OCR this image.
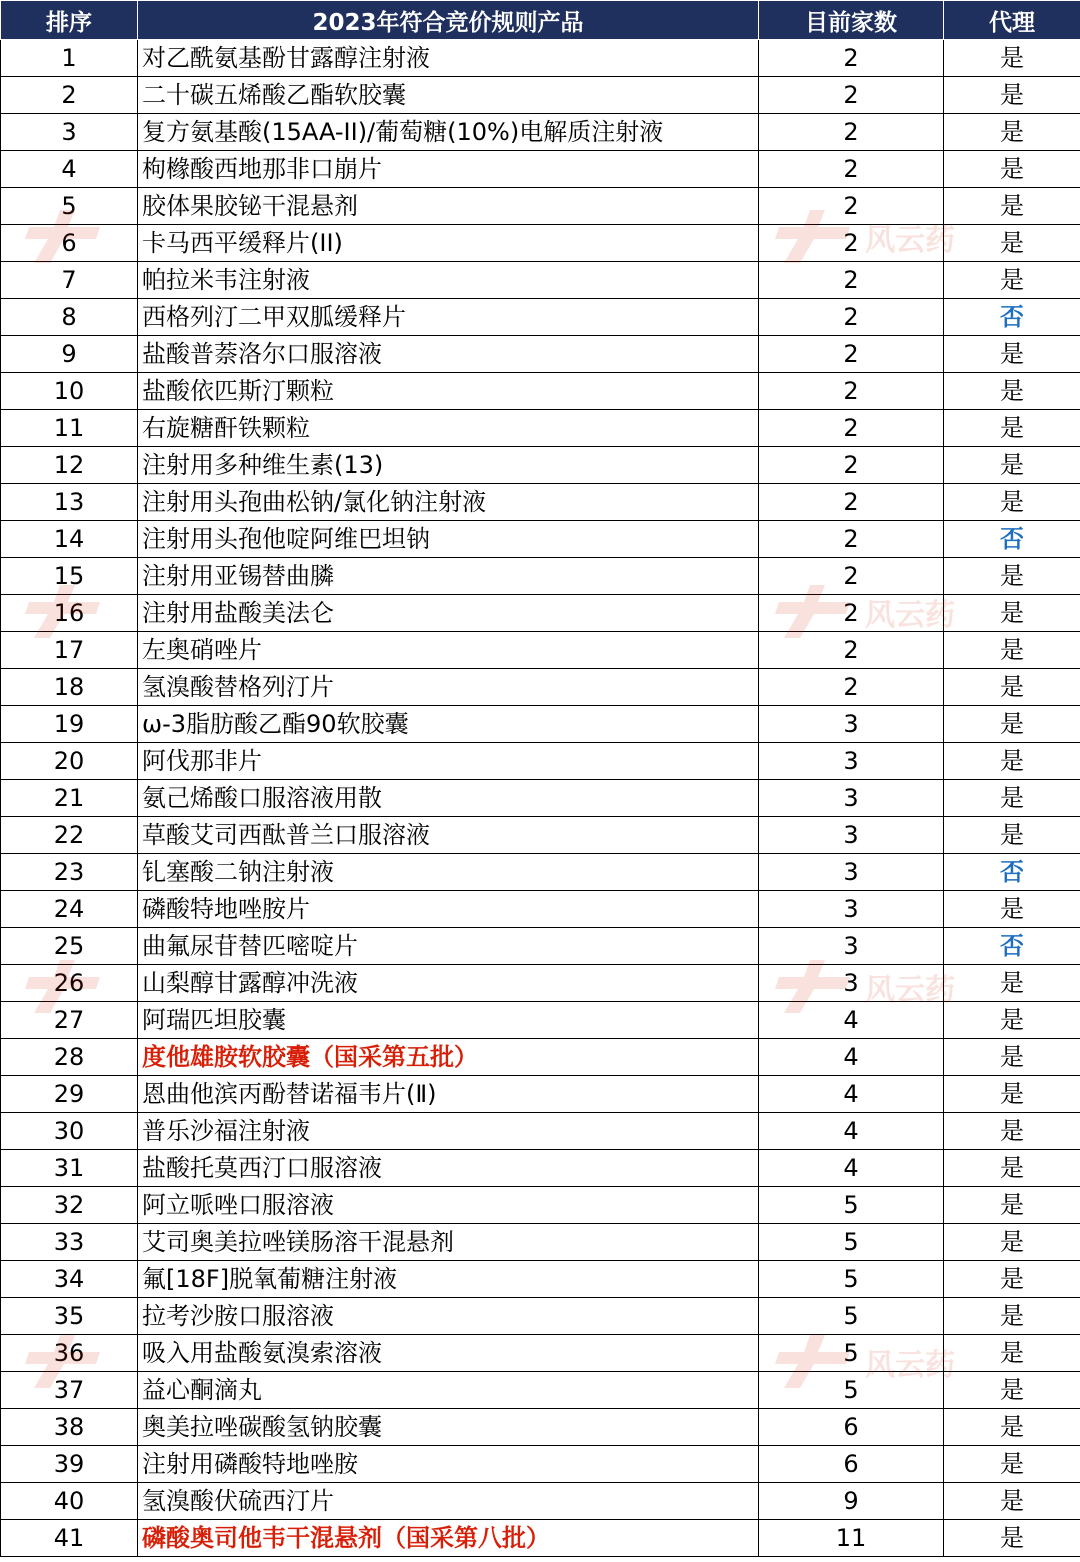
排序	2023年符合竞价规则产品	目前家数	代理
1	对乙酰氨基酚甘露醇注射液	2	是
2	二十碳五烯酸乙酯软胶囊	2	是
3	复方氨基酸(15AA-II)/葡萄糖(10%)电解质注射液	2	是
4	枸橼酸西地那非口崩片	2	是
5	胶体果胶铋干混悬剂	2	是
6	卡马西平缓释片(II)	2	是
7	帕拉米韦注射液	2	是
8	西格列汀二甲双胍缓释片	2	否
9	盐酸普萘洛尔口服溶液	2	是
10	盐酸依匹斯汀颗粒	2	是
11	右旋糖酐铁颗粒	2	是
12	注射用多种维生素(13)	2	是
13	注射用头孢曲松钠/氯化钠注射液	2	是
14	注射用头孢他啶阿维巴坦钠	2	否
15	注射用亚锡替曲膦	2	是
16	注射用盐酸美法仑	2	是
17	左奥硝唑片	2	是
18	氢溴酸替格列汀片	2	是
19	ω-3脂肪酸乙酯90软胶囊	3	是
20	阿伐那非片	3	是
21	氨己烯酸口服溶液用散	3	是
22	草酸艾司西酞普兰口服溶液	3	是
23	钆塞酸二钠注射液	3	否
24	磷酸特地唑胺片	3	是
25	曲氟尿苷替匹嘧啶片	3	否
26	山梨醇甘露醇冲洗液	3	是
27	阿瑞匹坦胶囊	4	是
28	度他雄胺软胶囊（国采第五批）	4	是
29	恩曲他滨丙酚替诺福韦片(Ⅱ)	4	是
30	普乐沙福注射液	4	是
31	盐酸托莫西汀口服溶液	4	是
32	阿立哌唑口服溶液	5	是
33	艾司奥美拉唑镁肠溶干混悬剂	5	是
34	氟[18F]脱氧葡糖注射液	5	是
35	拉考沙胺口服溶液	5	是
36	吸入用盐酸氨溴索溶液	5	是
37	益心酮滴丸	5	是
38	奥美拉唑碳酸氢钠胶囊	6	是
39	注射用磷酸特地唑胺	6	是
40	氢溴酸伏硫西汀片	9	是
41	磷酸奥司他韦干混悬剂（国采第八批）	11	是
风云药
风云药
风云药
风云药
